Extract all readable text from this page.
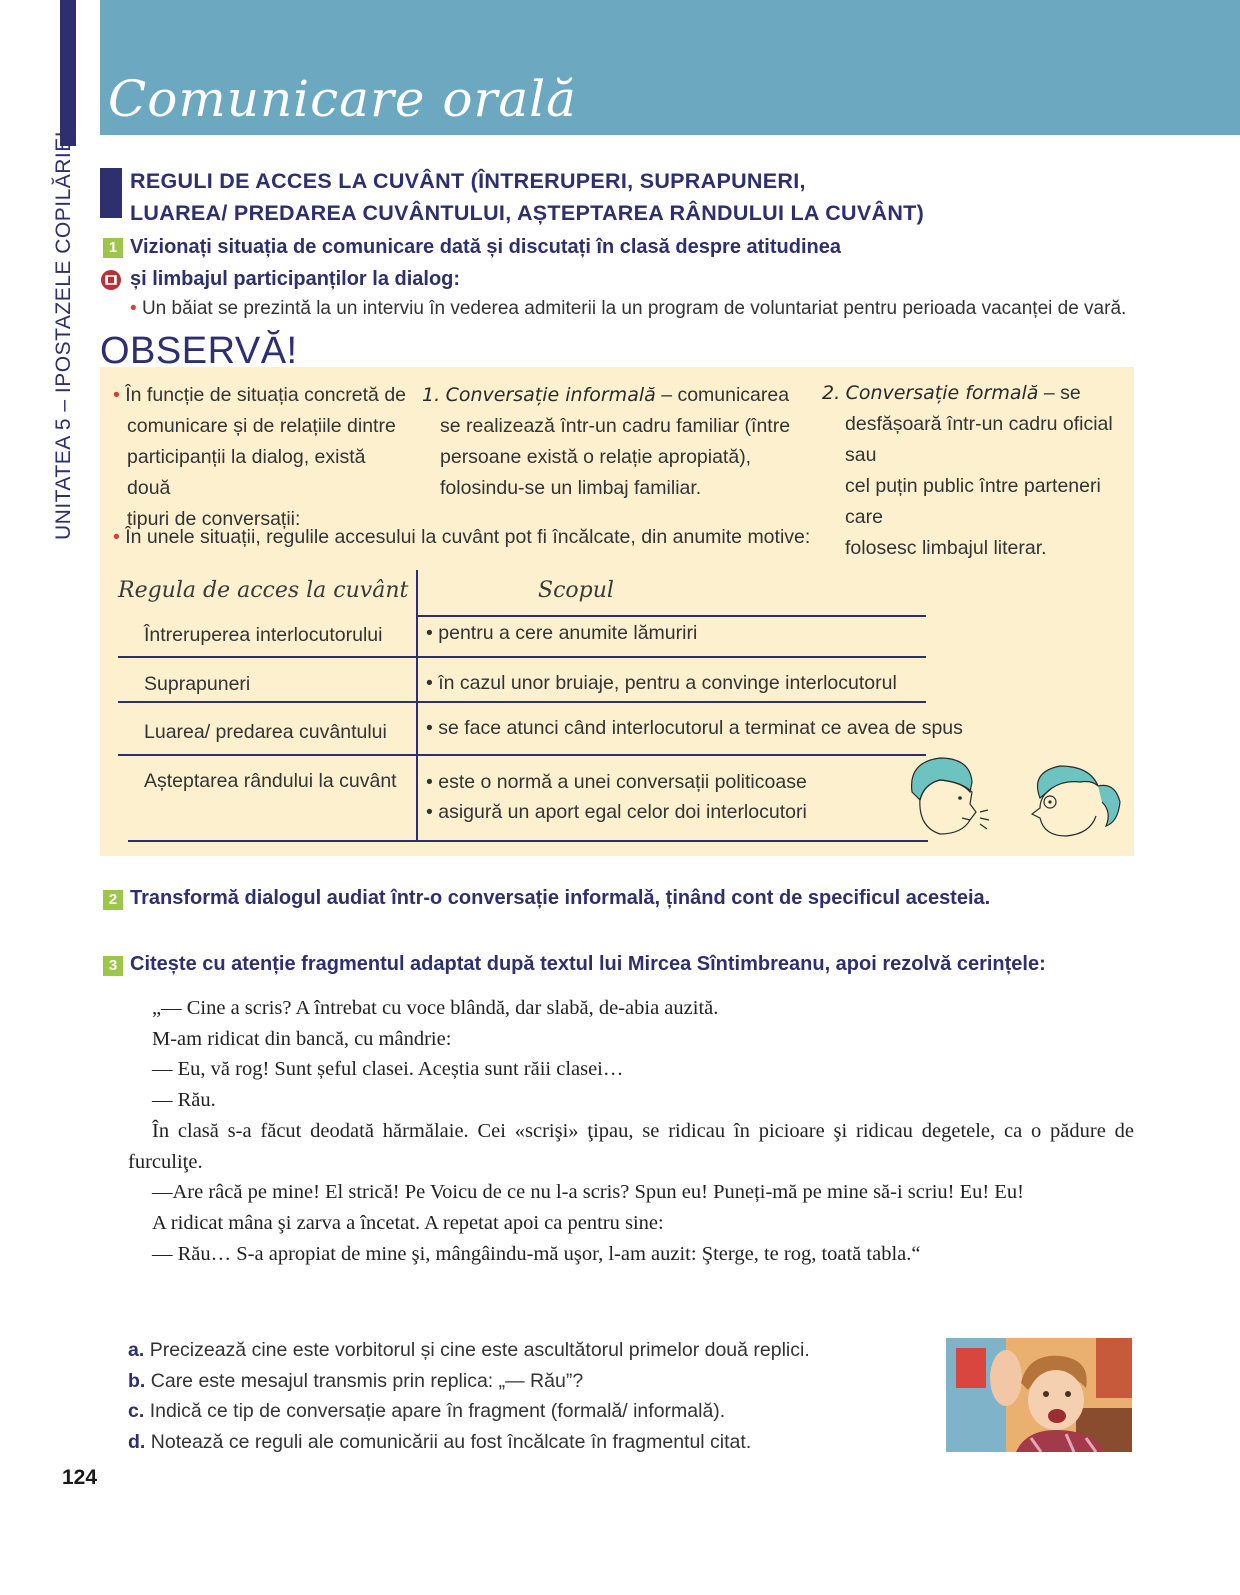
UNITATEA 5 – IPOSTAZELE COPILĂRIEI
Comunicare orală
REGULI DE ACCES LA CUVÂNT (ÎNTRERUPERI, SUPRAPUNERI,
LUAREA/ PREDAREA CUVÂNTULUI, AȘTEPTAREA RÂNDULUI LA CUVÂNT)
1 Vizionați situația de comunicare dată și discutați în clasă despre atitudinea
și limbajul participanților la dialog:
• Un băiat se prezintă la un interviu în vederea admiterii la un program de voluntariat pentru perioada vacanței de vară.
OBSERVĂ!
• În funcție de situația concretă de
comunicare și de relațiile dintre
participanții la dialog, există două
tipuri de conversații:
1. Conversație informală – comunicarea
se realizează într-un cadru familiar (între
persoane există o relație apropiată),
folosindu-se un limbaj familiar.
2. Conversație formală – se
desfășoară într-un cadru oficial sau
cel puțin public între parteneri care
folosesc limbajul literar.
• În unele situații, regulile accesului la cuvânt pot fi încălcate, din anumite motive:
Regula de acces la cuvânt	Scopul
Întreruperea interlocutorului • pentru a cere anumite lămuriri
Suprapuneri	• în cazul unor bruiaje, pentru a convinge interlocutorul
Luarea/ predarea cuvântului • se face atunci când interlocutorul a terminat ce avea de spus
Așteptarea rândului la cuvânt • este o normă a unei conversații politicoase
• asigură un aport egal celor doi interlocutori
2 Transformă dialogul audiat într-o conversație informală, ținând cont de specificul acesteia.
3 Citește cu atenție fragmentul adaptat după textul lui Mircea Sîntimbreanu, apoi rezolvă cerințele:

„— Cine a scris? A întrebat cu voce blândă, dar slabă, de-abia auzită.

M-am ridicat din bancă, cu mândrie:

— Eu, vă rog! Sunt șeful clasei. Aceștia sunt răii clasei…

— Rău.

În clasă s-a făcut deodată hărmălaie. Cei «scrişi» ţipau, se ridicau în picioare şi ridicau degetele, ca o pădure de furculiţe.

—Are râcă pe mine! El strică! Pe Voicu de ce nu l-a scris? Spun eu! Puneți-mă pe mine să-i scriu! Eu! Eu!

A ridicat mâna şi zarva a încetat. A repetat apoi ca pentru sine:

— Rău… S-a apropiat de mine şi, mângâindu-mă uşor, l-am auzit: Şterge, te rog, toată tabla.“

a. Precizează cine este vorbitorul și cine este ascultătorul primelor două replici.
b. Care este mesajul transmis prin replica: „— Rău”?
c. Indică ce tip de conversație apare în fragment (formală/ informală).
d. Notează ce reguli ale comunicării au fost încălcate în fragmentul citat.
124
